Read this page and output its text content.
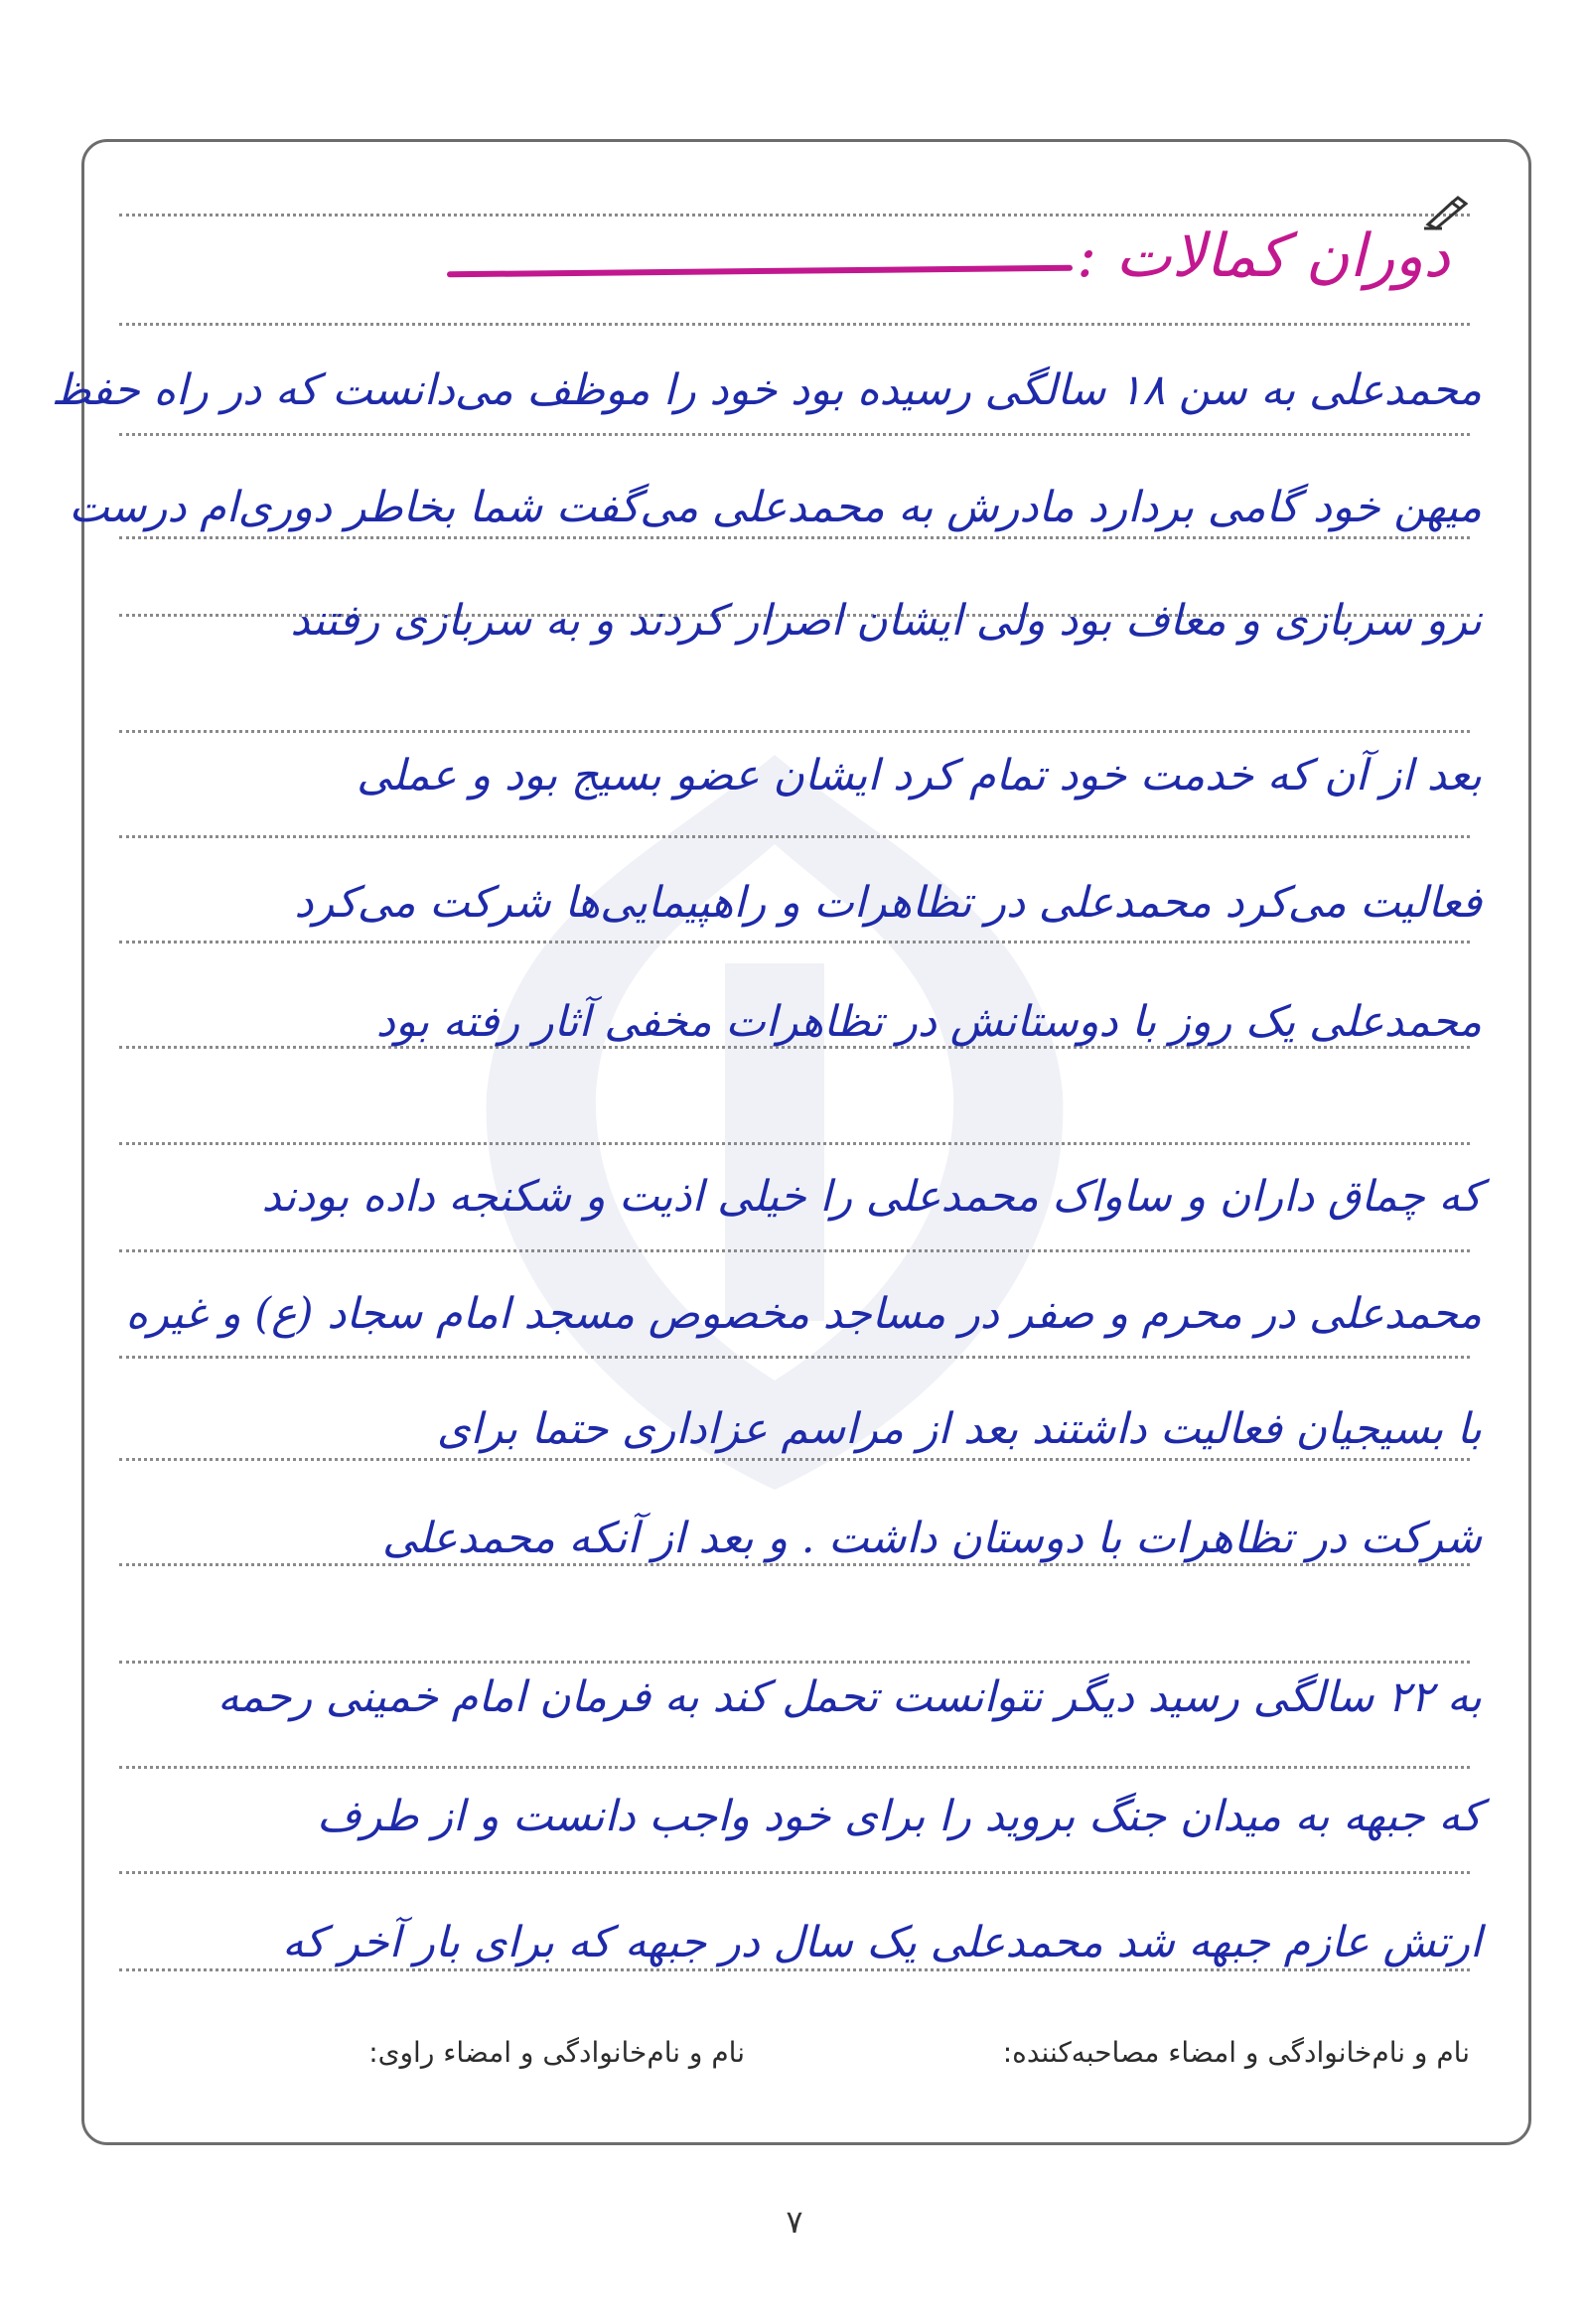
دوران کمالات :
محمدعلی به سن ۱۸ سالگی رسیده بود خود را موظف می‌دانست که در راه حفظ
میهن خود گامی بردارد مادرش به محمدعلی می‌گفت شما بخاطر دوری‌ام درست
نرو سربازی و معاف بود ولی ایشان اصرار کردند و به سربازی رفتند
بعد از آن که خدمت خود تمام کرد ایشان عضو بسیج بود و عملی
فعالیت می‌کرد محمدعلی در تظاهرات و راهپیمایی‌ها شرکت می‌کرد
محمدعلی یک روز با دوستانش در تظاهرات مخفی آثار رفته بود
که چماق داران و ساواک محمدعلی را خیلی اذیت و شکنجه داده بودند
محمدعلی در محرم و صفر در مساجد مخصوص مسجد امام سجاد (ع) و غیره
با بسیجیان فعالیت داشتند بعد از مراسم عزاداری حتما برای
شرکت در تظاهرات با دوستان داشت . و بعد از آنکه محمدعلی
به ۲۲ سالگی رسید دیگر نتوانست تحمل کند به فرمان امام خمینی رحمه
که جبهه به میدان جنگ بروید را برای خود واجب دانست و از طرف
ارتش عازم جبهه شد محمدعلی یک سال در جبهه که برای بار آخر که
نام و نام‌خانوادگی و امضاء مصاحبه‌کننده:
نام و نام‌خانوادگی و امضاء راوی:
۷
